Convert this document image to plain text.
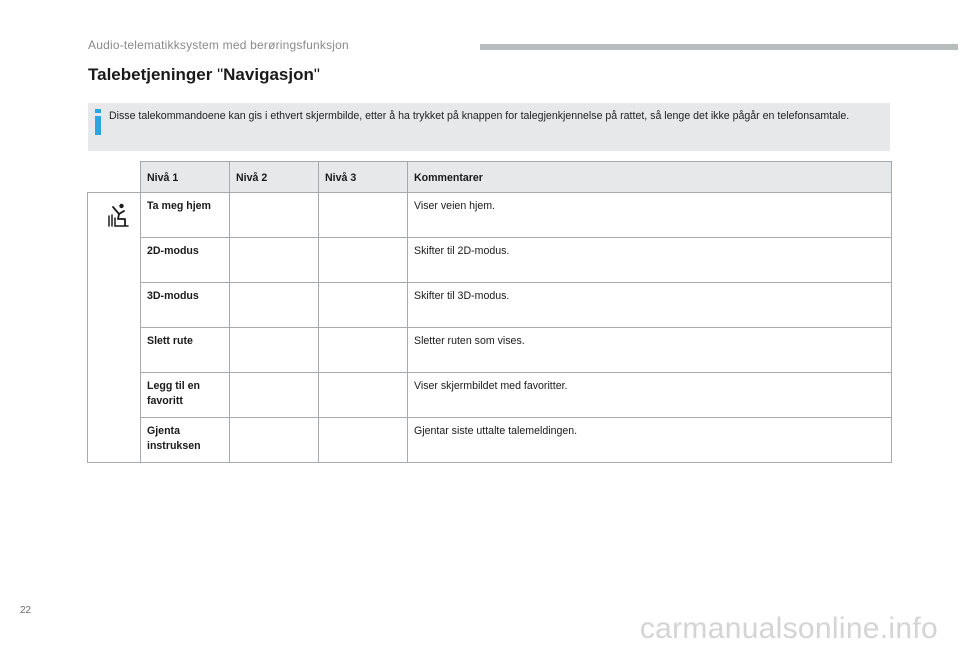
Audio-telematikksystem med berøringsfunksjon
Talebetjeninger "Navigasjon"
Disse talekommandoene kan gis i ethvert skjermbilde, etter å ha trykket på knappen for talegjenkjennelse på rattet, så lenge det ikke pågår en telefonsamtale.
	Nivå 1	Nivå 2	Nivå 3	Kommentarer

	Ta meg hjem			Viser veien hjem.
	2D-modus			Skifter til 2D-modus.
	3D-modus			Skifter til 3D-modus.
	Slett rute			Sletter ruten som vises.
	Legg til en favoritt			Viser skjermbildet med favoritter.
	Gjenta instruksen			Gjentar siste uttalte talemeldingen.
22
carmanualsonline.info
